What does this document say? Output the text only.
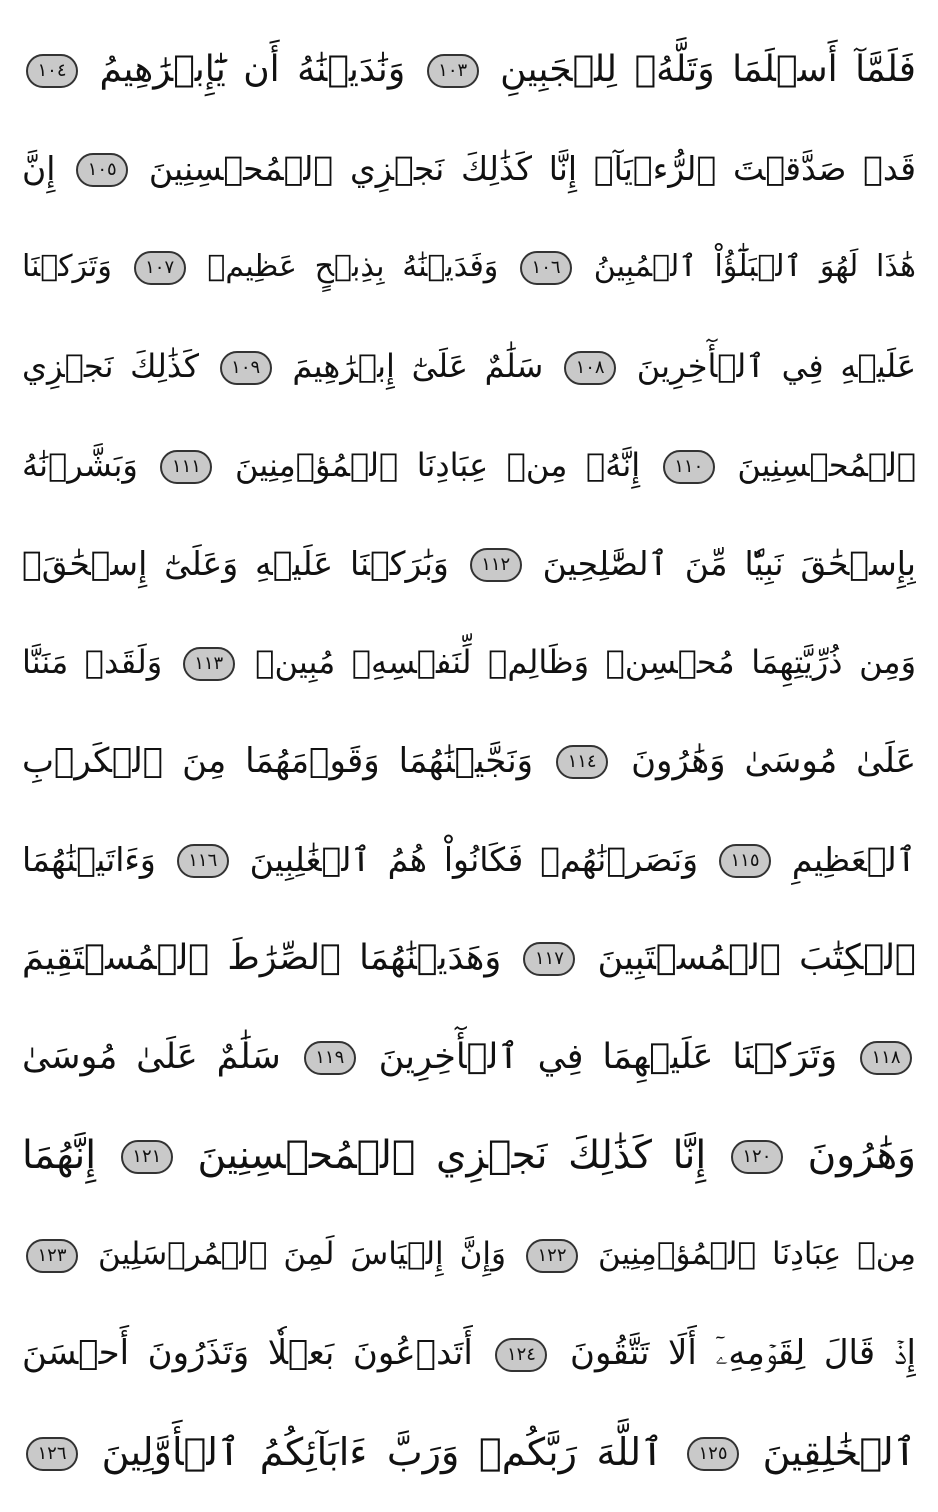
فَلَمَّآ أَسۡلَمَا وَتَلَّهُۥ لِلۡجَبِينِ ١٠٣ وَنَٰدَيۡنَٰهُ أَن يَٰٓإِبۡرَٰهِيمُ ١٠٤
قَدۡ صَدَّقۡتَ ٱلرُّءۡيَآۚ إِنَّا كَذَٰلِكَ نَجۡزِي ٱلۡمُحۡسِنِينَ ١٠٥ إِنَّ
هَٰذَا لَهُوَ ٱلۡبَلَٰٓؤُاْ ٱلۡمُبِينُ ١٠٦ وَفَدَيۡنَٰهُ بِذِبۡحٍ عَظِيمٖ ١٠٧ وَتَرَكۡنَا
عَلَيۡهِ فِي ٱلۡأٓخِرِينَ ١٠٨ سَلَٰمٌ عَلَىٰٓ إِبۡرَٰهِيمَ ١٠٩ كَذَٰلِكَ نَجۡزِي
ٱلۡمُحۡسِنِينَ ١١٠ إِنَّهُۥ مِنۡ عِبَادِنَا ٱلۡمُؤۡمِنِينَ ١١١ وَبَشَّرۡنَٰهُ
بِإِسۡحَٰقَ نَبِيّٗا مِّنَ ٱلصَّٰلِحِينَ ١١٢ وَبَٰرَكۡنَا عَلَيۡهِ وَعَلَىٰٓ إِسۡحَٰقَۚ
وَمِن ذُرِّيَّتِهِمَا مُحۡسِنٞ وَظَالِمٞ لِّنَفۡسِهِۦ مُبِينٞ ١١٣ وَلَقَدۡ مَنَنَّا
عَلَىٰ مُوسَىٰ وَهَٰرُونَ ١١٤ وَنَجَّيۡنَٰهُمَا وَقَوۡمَهُمَا مِنَ ٱلۡكَرۡبِ
ٱلۡعَظِيمِ ١١٥ وَنَصَرۡنَٰهُمۡ فَكَانُواْ هُمُ ٱلۡغَٰلِبِينَ ١١٦ وَءَاتَيۡنَٰهُمَا
ٱلۡكِتَٰبَ ٱلۡمُسۡتَبِينَ ١١٧ وَهَدَيۡنَٰهُمَا ٱلصِّرَٰطَ ٱلۡمُسۡتَقِيمَ
١١٨ وَتَرَكۡنَا عَلَيۡهِمَا فِي ٱلۡأٓخِرِينَ ١١٩ سَلَٰمٌ عَلَىٰ مُوسَىٰ
وَهَٰرُونَ ١٢٠ إِنَّا كَذَٰلِكَ نَجۡزِي ٱلۡمُحۡسِنِينَ ١٢١ إِنَّهُمَا
مِنۡ عِبَادِنَا ٱلۡمُؤۡمِنِينَ ١٢٢ وَإِنَّ إِلۡيَاسَ لَمِنَ ٱلۡمُرۡسَلِينَ ١٢٣
إِذۡ قَالَ لِقَوۡمِهِۦٓ أَلَا تَتَّقُونَ ١٢٤ أَتَدۡعُونَ بَعۡلٗا وَتَذَرُونَ أَحۡسَنَ
ٱلۡخَٰلِقِينَ ١٢٥ ٱللَّهَ رَبَّكُمۡ وَرَبَّ ءَابَآئِكُمُ ٱلۡأَوَّلِينَ ١٢٦
